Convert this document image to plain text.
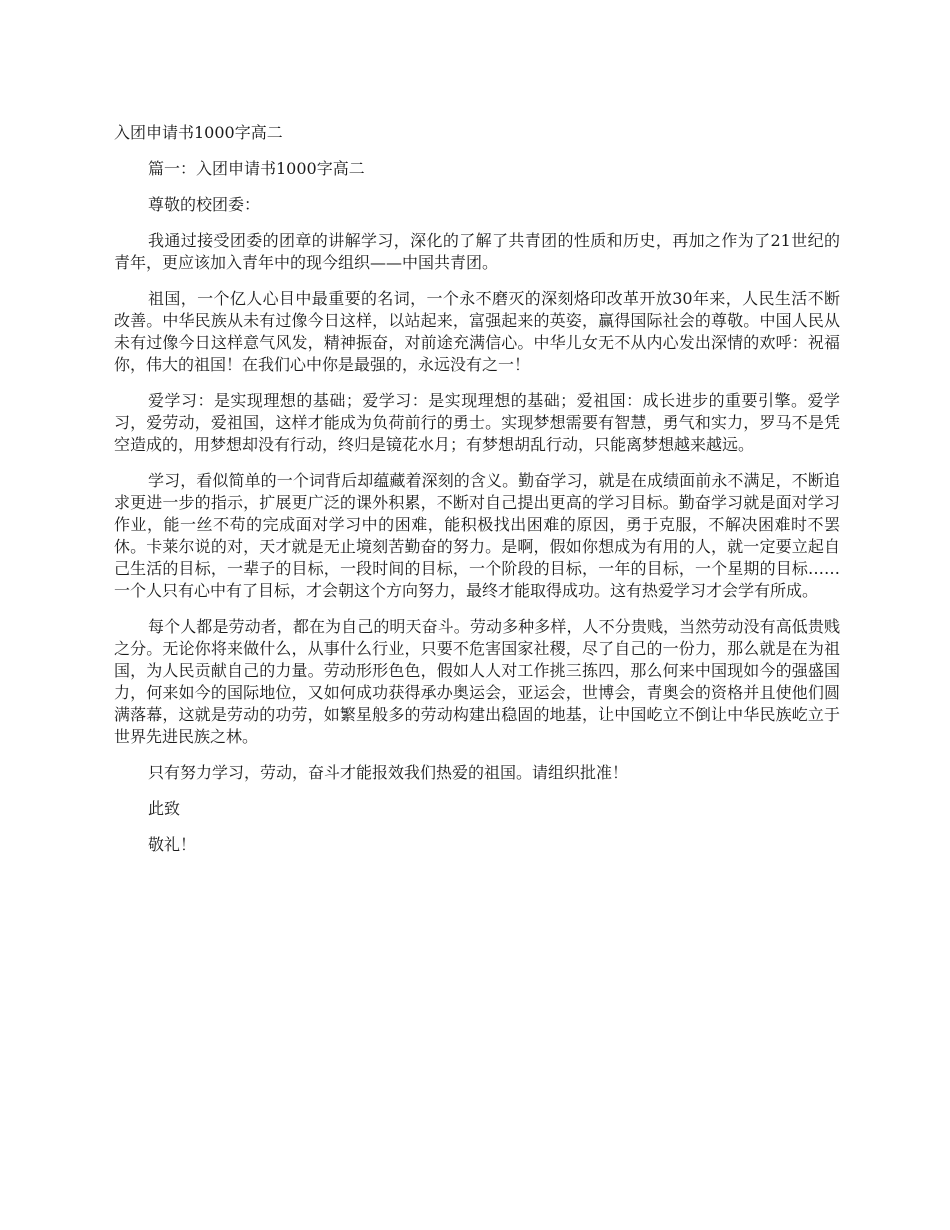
入团申请书1000字高二

篇一：入团申请书1000字高二

尊敬的校团委：

我通过接受团委的团章的讲解学习，深化的了解了共青团的性质和历史，再加之作为了21世纪的青年，更应该加入青年中的现今组织——中国共青团。

祖国，一个亿人心目中最重要的名词，一个永不磨灭的深刻烙印改革开放30年来，人民生活不断改善。中华民族从未有过像今日这样，以站起来，富强起来的英姿，赢得国际社会的尊敬。中国人民从未有过像今日这样意气风发，精神振奋，对前途充满信心。中华儿女无不从内心发出深情的欢呼：祝福你，伟大的祖国！在我们心中你是最强的，永远没有之一！

爱学习：是实现理想的基础；爱学习：是实现理想的基础；爱祖国：成长进步的重要引擎。爱学习，爱劳动，爱祖国，这样才能成为负荷前行的勇士。实现梦想需要有智慧，勇气和实力，罗马不是凭空造成的，用梦想却没有行动，终归是镜花水月；有梦想胡乱行动，只能离梦想越来越远。

学习，看似简单的一个词背后却蕴藏着深刻的含义。勤奋学习，就是在成绩面前永不满足，不断追求更进一步的指示，扩展更广泛的课外积累，不断对自己提出更高的学习目标。勤奋学习就是面对学习作业，能一丝不苟的完成面对学习中的困难，能积极找出困难的原因，勇于克服，不解决困难时不罢休。卡莱尔说的对，天才就是无止境刻苦勤奋的努力。是啊，假如你想成为有用的人，就一定要立起自己生活的目标，一辈子的目标，一段时间的目标，一个阶段的目标，一年的目标，一个星期的目标……一个人只有心中有了目标，才会朝这个方向努力，最终才能取得成功。这有热爱学习才会学有所成。

每个人都是劳动者，都在为自己的明天奋斗。劳动多种多样，人不分贵贱，当然劳动没有高低贵贱之分。无论你将来做什么，从事什么行业，只要不危害国家社稷，尽了自己的一份力，那么就是在为祖国，为人民贡献自己的力量。劳动形形色色，假如人人对工作挑三拣四，那么何来中国现如今的强盛国力，何来如今的国际地位，又如何成功获得承办奥运会，亚运会，世博会，青奥会的资格并且使他们圆满落幕，这就是劳动的功劳，如繁星般多的劳动构建出稳固的地基，让中国屹立不倒让中华民族屹立于世界先进民族之林。

只有努力学习，劳动，奋斗才能报效我们热爱的祖国。请组织批准！

此致

敬礼！
